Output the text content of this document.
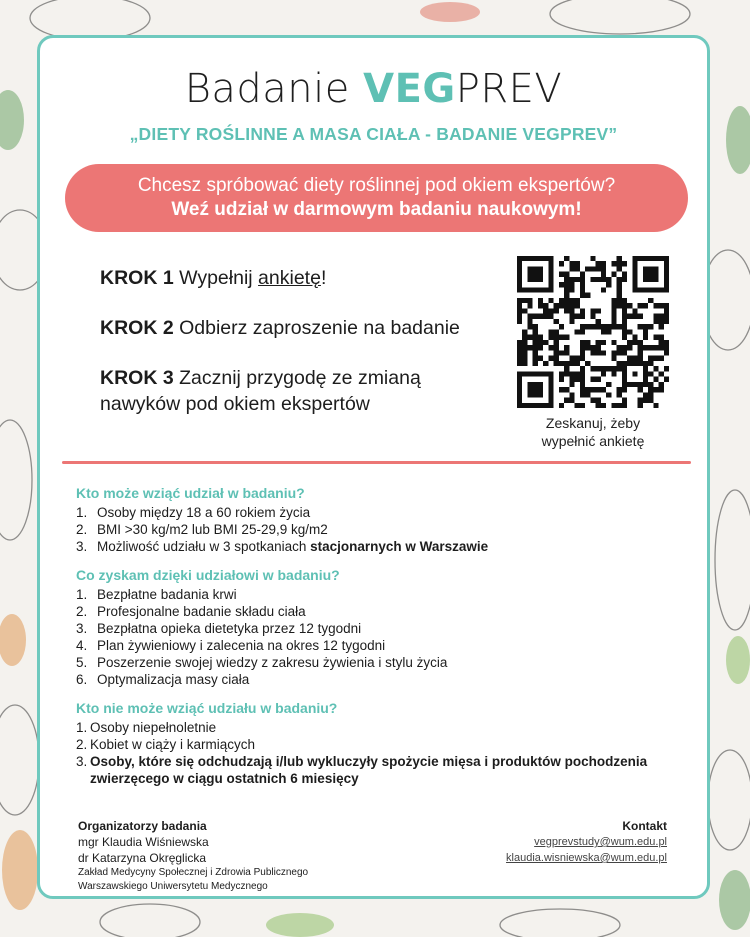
Badanie VEGPREV
„DIETY ROŚLINNE A MASA CIAŁA - BADANIE VEGPREV”
Chcesz spróbować diety roślinnej pod okiem ekspertów?
Weź udział w darmowym badaniu naukowym!
KROK 1 Wypełnij ankietę!
KROK 2 Odbierz zaproszenie na badanie
KROK 3 Zacznij przygodę ze zmianą nawyków pod okiem ekspertów
Zeskanuj, żeby
wypełnić ankietę
Kto może wziąć udział w badaniu?
1. Osoby między 18 a 60 rokiem życia
2. BMI >30 kg/m2 lub BMI 25-29,9 kg/m2
3. Możliwość udziału w 3 spotkaniach stacjonarnych w Warszawie
Co zyskam dzięki udziałowi w badaniu?
1. Bezpłatne badania krwi
2. Profesjonalne badanie składu ciała
3. Bezpłatna opieka dietetyka przez 12 tygodni
4. Plan żywieniowy i zalecenia na okres 12 tygodni
5. Poszerzenie swojej wiedzy z zakresu żywienia i stylu życia
6. Optymalizacja masy ciała
Kto nie może wziąć udziału w badaniu?
1. Osoby niepełnoletnie
2. Kobiet w ciąży i karmiących
3. Osoby, które się odchudzają i/lub wykluczyły spożycie mięsa i produktów pochodzenia zwierzęcego w ciągu ostatnich 6 miesięcy
Organizatorzy badania
mgr Klaudia Wiśniewska
dr Katarzyna Okręglicka
Zakład Medycyny Społecznej i Zdrowia Publicznego
Warszawskiego Uniwersytetu Medycznego
Kontakt
vegprevstudy@wum.edu.pl
klaudia.wisniewska@wum.edu.pl
